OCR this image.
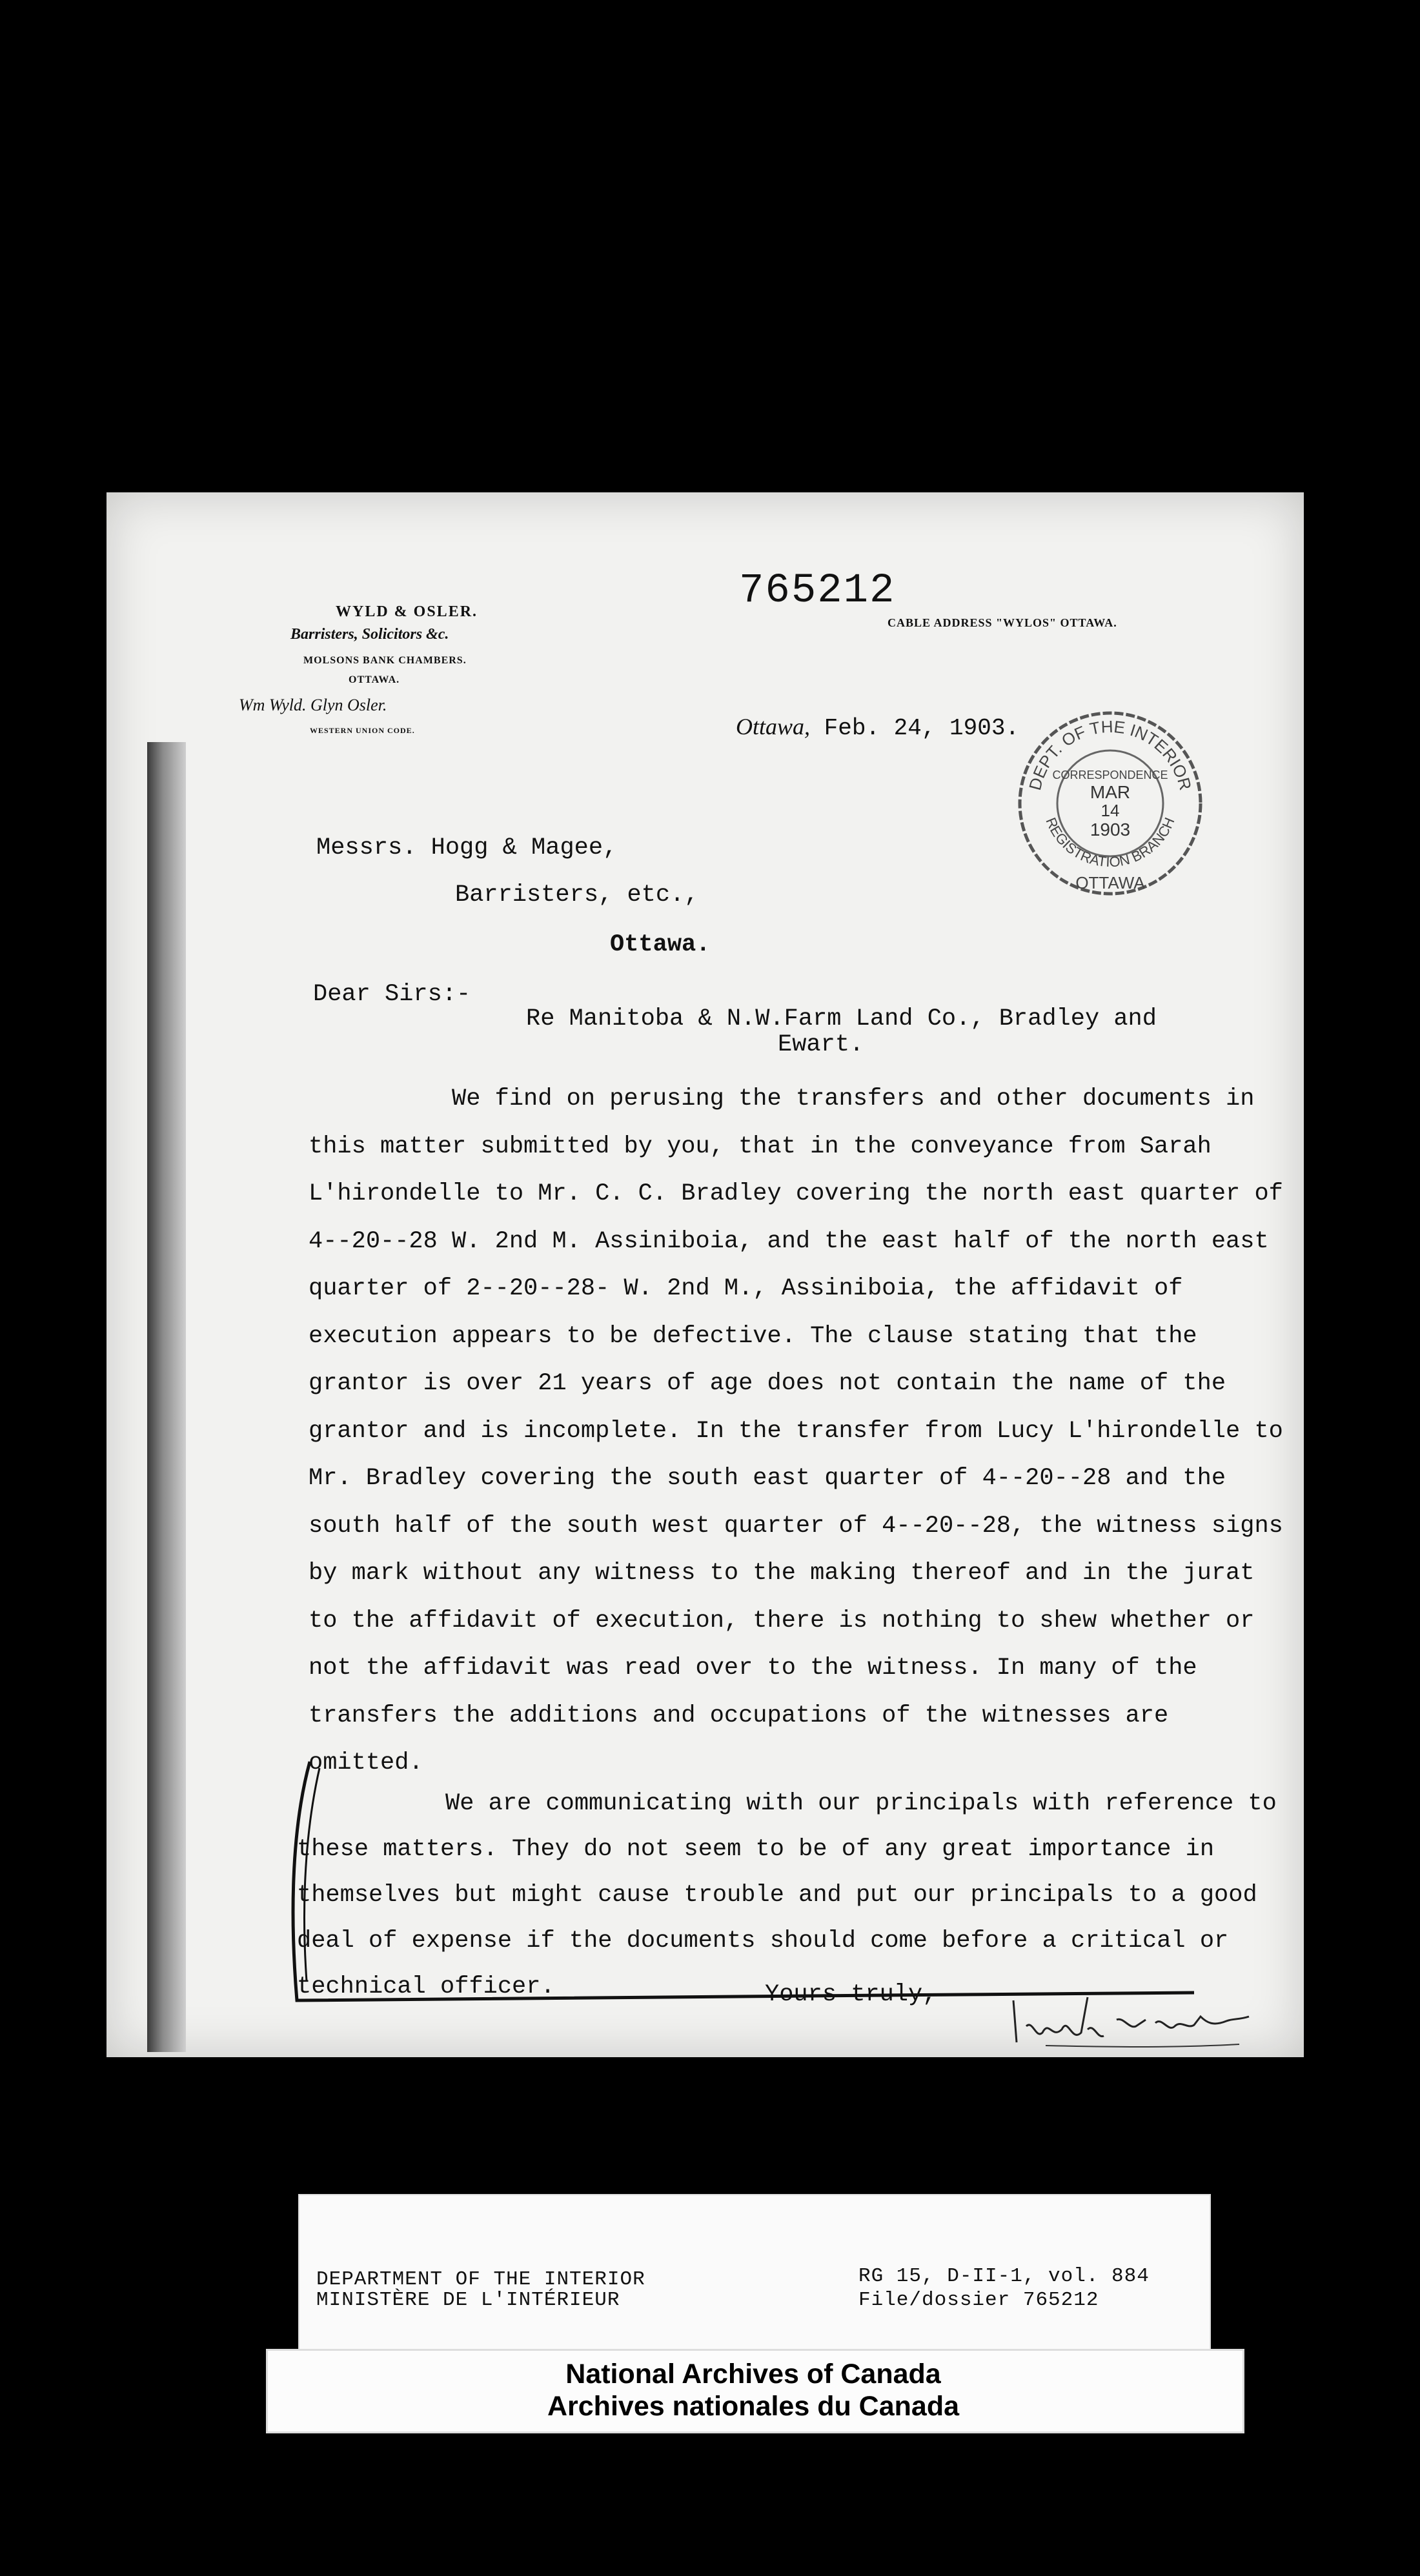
WYLD & OSLER.
Barristers, Solicitors &c.
MOLSONS BANK CHAMBERS.
OTTAWA.
Wm Wyld. Glyn Osler.
WESTERN UNION CODE.
765212
CABLE ADDRESS "WYLOS" OTTAWA.
Ottawa, Feb. 24, 1903.
DEPT. OF THE INTERIOR
REGISTRATION BRANCH
CORRESPONDENCE
MAR
14
1903
OTTAWA
Messrs. Hogg & Magee,
Barristers, etc.,
Ottawa.
Dear Sirs:-
Re Manitoba & N.W.Farm Land Co., Bradley and
Ewart.
We find on perusing the transfers and other documents in this matter submitted by you, that in the conveyance from Sarah L'hirondelle to Mr. C. C. Bradley covering the north east quarter of 4--20--28 W. 2nd M. Assiniboia, and the east half of the north east quarter of 2--20--28- W. 2nd M., Assiniboia, the affidavit of execution appears to be defective. The clause stating that the grantor is over 21 years of age does not contain the name of the grantor and is incomplete. In the transfer from Lucy L'hirondelle to Mr. Bradley covering the south east quarter of 4--20--28 and the south half of the south west quarter of 4--20--28, the witness signs by mark without any witness to the making thereof and in the jurat to the affidavit of execution, there is nothing to shew whether or not the affidavit was read over to the witness. In many of the transfers the additions and occupations of the witnesses are omitted.
We are communicating with our principals with reference to these matters. They do not seem to be of any great importance in themselves but might cause trouble and put our principals to a good deal of expense if the documents should come before a critical or technical officer.	Yours truly,
DEPARTMENT OF THE INTERIOR
MINISTÈRE DE L'INTÉRIEUR
RG 15, D-II-1, vol. 884
File/dossier 765212
National Archives of Canada
Archives nationales du Canada
